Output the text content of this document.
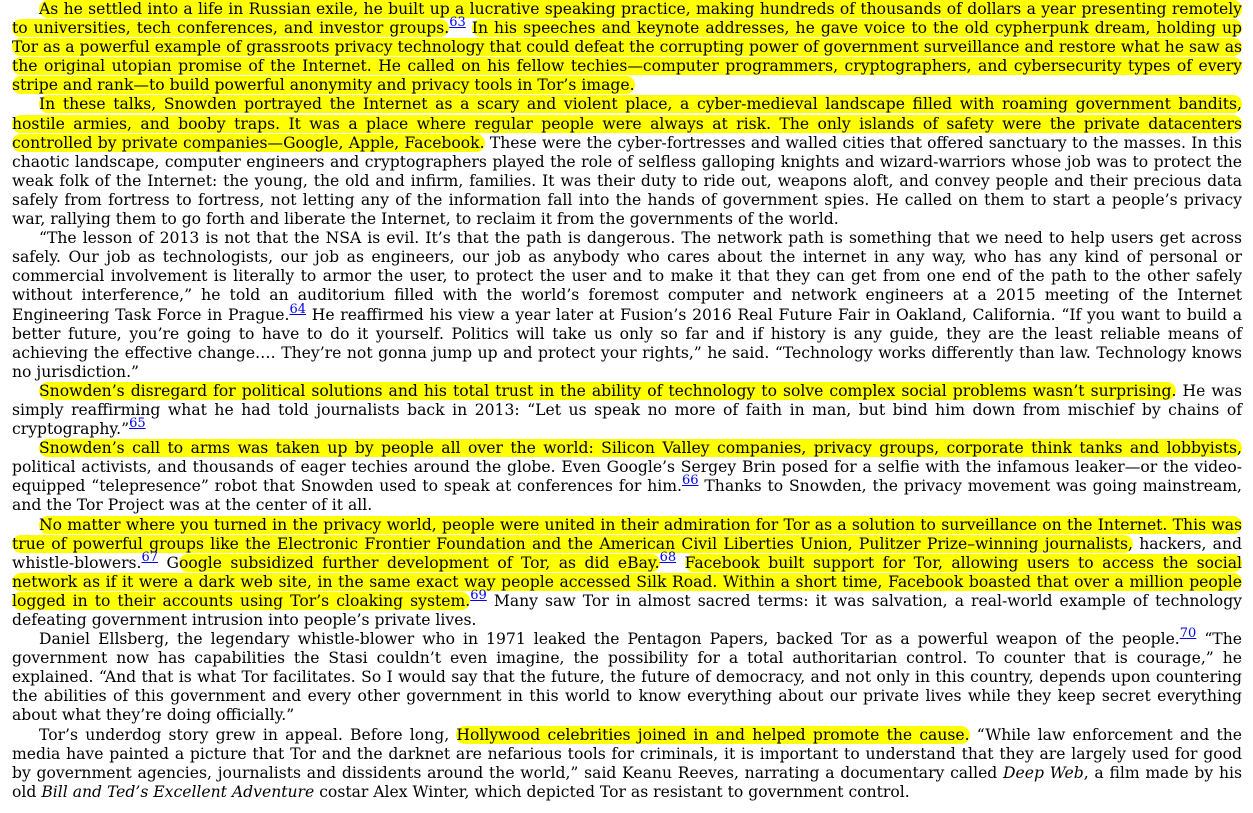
As he settled into a life in Russian exile, he built up a lucrative speaking practice, making hundreds of thousands of dollars a year presenting remotely to universities, tech conferences, and investor groups.$^{63}$ In his speeches and keynote addresses, he gave voice to the old cypherpunk dream, holding up Tor as a powerful example of grassroots privacy technology that could defeat the corrupting power of government surveillance and restore what he saw as the original utopian promise of the Internet. He called on his fellow techies—computer programmers, cryptographers, and cybersecurity types of every stripe and rank—to build powerful anonymity and privacy tools in Tor’s image.

In these talks, Snowden portrayed the Internet as a scary and violent place, a cyber-medieval landscape filled with roaming government bandits, hostile armies, and booby traps. It was a place where regular people were always at risk. The only islands of safety were the private datacenters controlled by private companies—Google, Apple, Facebook. These were the cyber-fortresses and walled cities that offered sanctuary to the masses. In this chaotic landscape, computer engineers and cryptographers played the role of selfless galloping knights and wizard-warriors whose job was to protect the weak folk of the Internet: the young, the old and infirm, families. It was their duty to ride out, weapons aloft, and convey people and their precious data safely from fortress to fortress, not letting any of the information fall into the hands of government spies. He called on them to start a people’s privacy war, rallying them to go forth and liberate the Internet, to reclaim it from the governments of the world.

“The lesson of 2013 is not that the NSA is evil. It’s that the path is dangerous. The network path is something that we need to help users get across safely. Our job as technologists, our job as engineers, our job as anybody who cares about the internet in any way, who has any kind of personal or commercial involvement is literally to armor the user, to protect the user and to make it that they can get from one end of the path to the other safely without interference,” he told an auditorium filled with the world’s foremost computer and network engineers at a 2015 meeting of the Internet Engineering Task Force in Prague.$^{64}$ He reaffirmed his view a year later at Fusion’s 2016 Real Future Fair in Oakland, California. “If you want to build a better future, you’re going to have to do it yourself. Politics will take us only so far and if history is any guide, they are the least reliable means of achieving the effective change.… They’re not gonna jump up and protect your rights,” he said. “Technology works differently than law. Technology knows no jurisdiction.”

Snowden’s disregard for political solutions and his total trust in the ability of technology to solve complex social problems wasn’t surprising. He was simply reaffirming what he had told journalists back in 2013: “Let us speak no more of faith in man, but bind him down from mischief by chains of cryptography.”$^{65}$

Snowden’s call to arms was taken up by people all over the world: Silicon Valley companies, privacy groups, corporate think tanks and lobbyists, political activists, and thousands of eager techies around the globe. Even Google’s Sergey Brin posed for a selfie with the infamous leaker—or the video-equipped “telepresence” robot that Snowden used to speak at conferences for him.$^{66}$ Thanks to Snowden, the privacy movement was going mainstream, and the Tor Project was at the center of it all.

No matter where you turned in the privacy world, people were united in their admiration for Tor as a solution to surveillance on the Internet. This was true of powerful groups like the Electronic Frontier Foundation and the American Civil Liberties Union, Pulitzer Prize–winning journalists, hackers, and whistle-blowers.$^{67}$ Google subsidized further development of Tor, as did eBay.$^{68}$ Facebook built support for Tor, allowing users to access the social network as if it were a dark web site, in the same exact way people accessed Silk Road. Within a short time, Facebook boasted that over a million people logged in to their accounts using Tor’s cloaking system.$^{69}$ Many saw Tor in almost sacred terms: it was salvation, a real-world example of technology defeating government intrusion into people’s private lives.

Daniel Ellsberg, the legendary whistle-blower who in 1971 leaked the Pentagon Papers, backed Tor as a powerful weapon of the people.$^{70}$ “The government now has capabilities the Stasi couldn’t even imagine, the possibility for a total authoritarian control. To counter that is courage,” he explained. “And that is what Tor facilitates. So I would say that the future, the future of democracy, and not only in this country, depends upon countering the abilities of this government and every other government in this world to know everything about our private lives while they keep secret everything about what they’re doing officially.”

Tor’s underdog story grew in appeal. Before long, Hollywood celebrities joined in and helped promote the cause. “While law enforcement and the media have painted a picture that Tor and the darknet are nefarious tools for criminals, it is important to understand that they are largely used for good by government agencies, journalists and dissidents around the world,” said Keanu Reeves, narrating a documentary called Deep Web, a film made by his old Bill and Ted’s Excellent Adventure costar Alex Winter, which depicted Tor as resistant to government control.
